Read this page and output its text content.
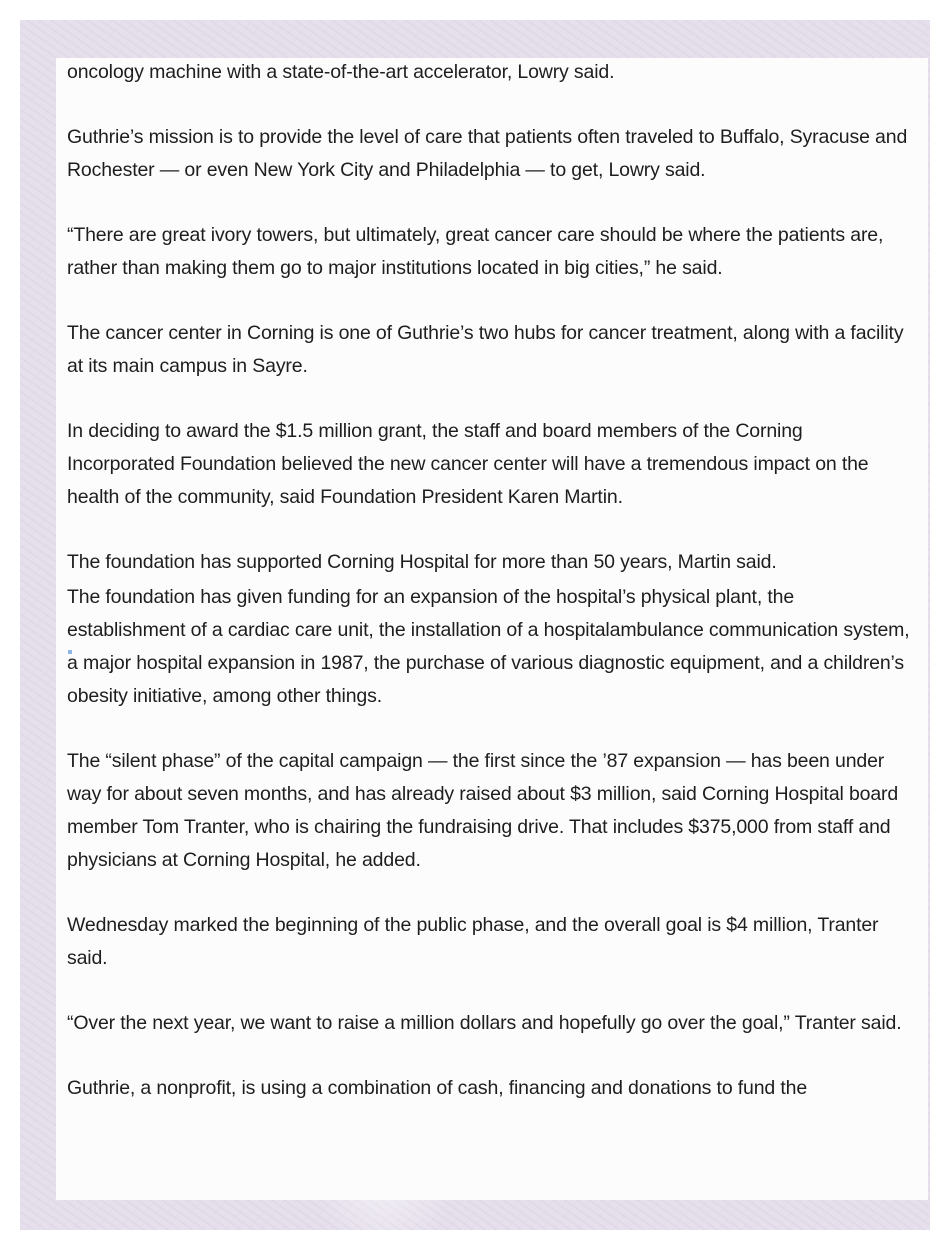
oncology machine with a state-of-the-art accelerator, Lowry said.

Guthrie’s mission is to provide the level of care that patients often traveled to Buffalo, Syracuse and Rochester — or even New York City and Philadelphia — to get, Lowry said.

“There are great ivory towers, but ultimately, great cancer care should be where the patients are, rather than making them go to major institutions located in big cities,” he said.

The cancer center in Corning is one of Guthrie’s two hubs for cancer treatment, along with a facility at its main campus in Sayre.

In deciding to award the $1.5 million grant, the staff and board members of the Corning Incorporated Foundation believed the new cancer center will have a tremendous impact on the health of the community, said Foundation President Karen Martin.

The foundation has supported Corning Hospital for more than 50 years, Martin said.

The foundation has given funding for an expansion of the hospital’s physical plant, the establishment of a cardiac care unit, the installation of a hospitalambulance communication system, a major hospital expansion in 1987, the purchase of various diagnostic equipment, and a children’s obesity initiative, among other things.

The “silent phase” of the capital campaign — the first since the ’87 expansion — has been under way for about seven months, and has already raised about $3 million, said Corning Hospital board member Tom Tranter, who is chairing the fundraising drive. That includes $375,000 from staff and physicians at Corning Hospital, he added.

Wednesday marked the beginning of the public phase, and the overall goal is $4 million, Tranter said.

“Over the next year, we want to raise a million dollars and hopefully go over the goal,” Tranter said.

Guthrie, a nonprofit, is using a combination of cash, financing and donations to fund the
